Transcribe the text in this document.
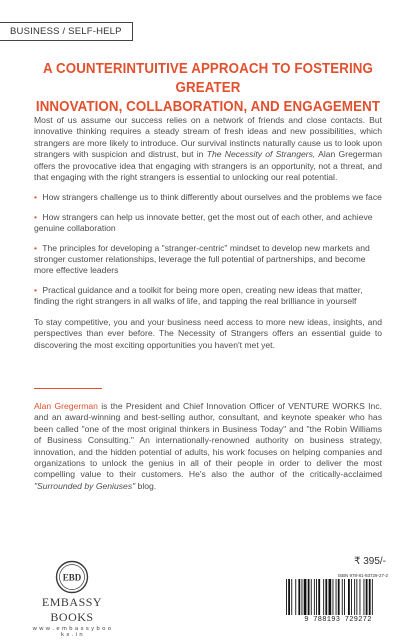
BUSINESS / SELF-HELP
A COUNTERINTUITIVE APPROACH TO FOSTERING GREATER
INNOVATION, COLLABORATION, AND ENGAGEMENT

Most of us assume our success relies on a network of friends and close contacts. But innovative thinking requires a steady stream of fresh ideas and new possibilities, which strangers are more likely to introduce. Our survival instincts naturally cause us to look upon strangers with suspicion and distrust, but in The Necessity of Strangers, Alan Gregerman offers the provocative idea that engaging with strangers is an opportunity, not a threat, and that engaging with the right strangers is essential to unlocking our real potential.

• How strangers challenge us to think differently about ourselves and the problems we face
• How strangers can help us innovate better, get the most out of each other, and achieve genuine collaboration
• The principles for developing a "stranger-centric" mindset to develop new markets and stronger customer relationships, leverage the full potential of partnerships, and become more effective leaders
• Practical guidance and a toolkit for being more open, creating new ideas that matter, finding the right strangers in all walks of life, and tapping the real brilliance in yourself

To stay competitive, you and your business need access to more new ideas, insights, and perspectives than ever before. The Necessity of Strangers offers an essential guide to discovering the most exciting opportunities you haven't met yet.

Alan Gregerman is the President and Chief Innovation Officer of VENTURE WORKS Inc. and an award-winning and best-selling author, consultant, and keynote speaker who has been called "one of the most original thinkers in Business Today" and "the Robin Williams of Business Consulting." An internationally-renowned authority on business strategy, innovation, and the hidden potential of adults, his work focuses on helping companies and organizations to unlock the genius in all of their people in order to deliver the most compelling value to their customers. He's also the author of the critically-acclaimed "Surrounded by Geniuses" blog.
EBD
EMBASSY BOOKS
w w w . e m b a s s y b o o k s . i n
₹ 395/-
ISBN 978-81-93729-27-2
9 788193 729272
